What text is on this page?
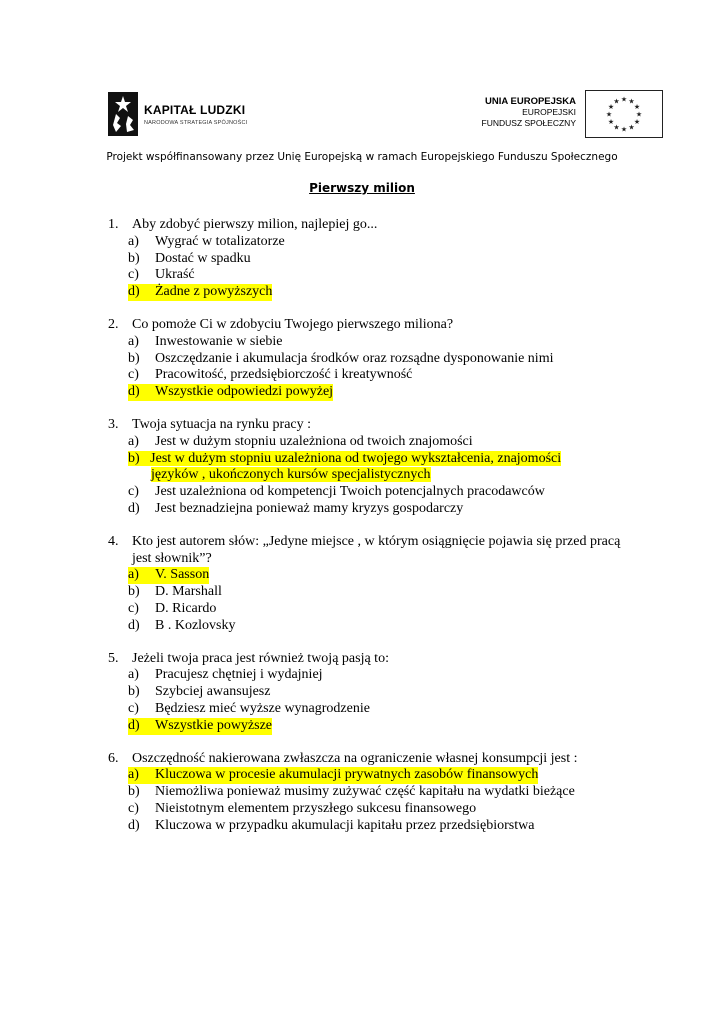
KAPITAŁ LUDZKI
NARODOWA STRATEGIA SPÓJNOŚCI
UNIA EUROPEJSKA
EUROPEJSKI
FUNDUSZ SPOŁECZNY
★
★
★
★
★
★
★
★
★ ★ ★
★
Projekt współfinansowany przez Unię Europejską w ramach Europejskiego Funduszu Społecznego
Pierwszy milion
1. Aby zdobyć pierwszy milion, najlepiej go...
a)	Wygrać w totalizatorze
b)	Dostać w spadku
c)	Ukraść
d)	Żadne z powyższych
2. Co pomoże Ci w zdobyciu Twojego pierwszego miliona?
a)	Inwestowanie w siebie
b)	Oszczędzanie i akumulacja środków oraz rozsądne dysponowanie nimi
c)	Pracowitość, przedsiębiorczość i kreatywność
d)	Wszystkie odpowiedzi powyżej
3. Twoja sytuacja na rynku pracy :
a)	Jest w dużym stopniu uzależniona od twoich znajomości
b) Jest w dużym stopniu uzależniona od twojego wykształcenia, znajomości
języków , ukończonych kursów specjalistycznych
c)	Jest uzależniona od kompetencji Twoich potencjalnych pracodawców
d)	Jest beznadziejna ponieważ mamy kryzys gospodarczy
4. Kto jest autorem słów: „Jedyne miejsce , w którym osiągnięcie pojawia się przed pracą jest słownik”?
a)	V. Sasson
b)	D. Marshall
c)	D. Ricardo
d)	B . Kozlovsky
5. Jeżeli twoja praca jest również twoją pasją to:
a)	Pracujesz chętniej i wydajniej
b)	Szybciej awansujesz
c)	Będziesz mieć wyższe wynagrodzenie
d)	Wszystkie powyższe
6. Oszczędność nakierowana zwłaszcza na ograniczenie własnej konsumpcji jest :
a)	Kluczowa w procesie akumulacji prywatnych zasobów finansowych
b)	Niemożliwa ponieważ musimy zużywać część kapitału na wydatki bieżące
c)	Nieistotnym elementem przyszłego sukcesu finansowego
d)	Kluczowa w przypadku akumulacji kapitału przez przedsiębiorstwa
